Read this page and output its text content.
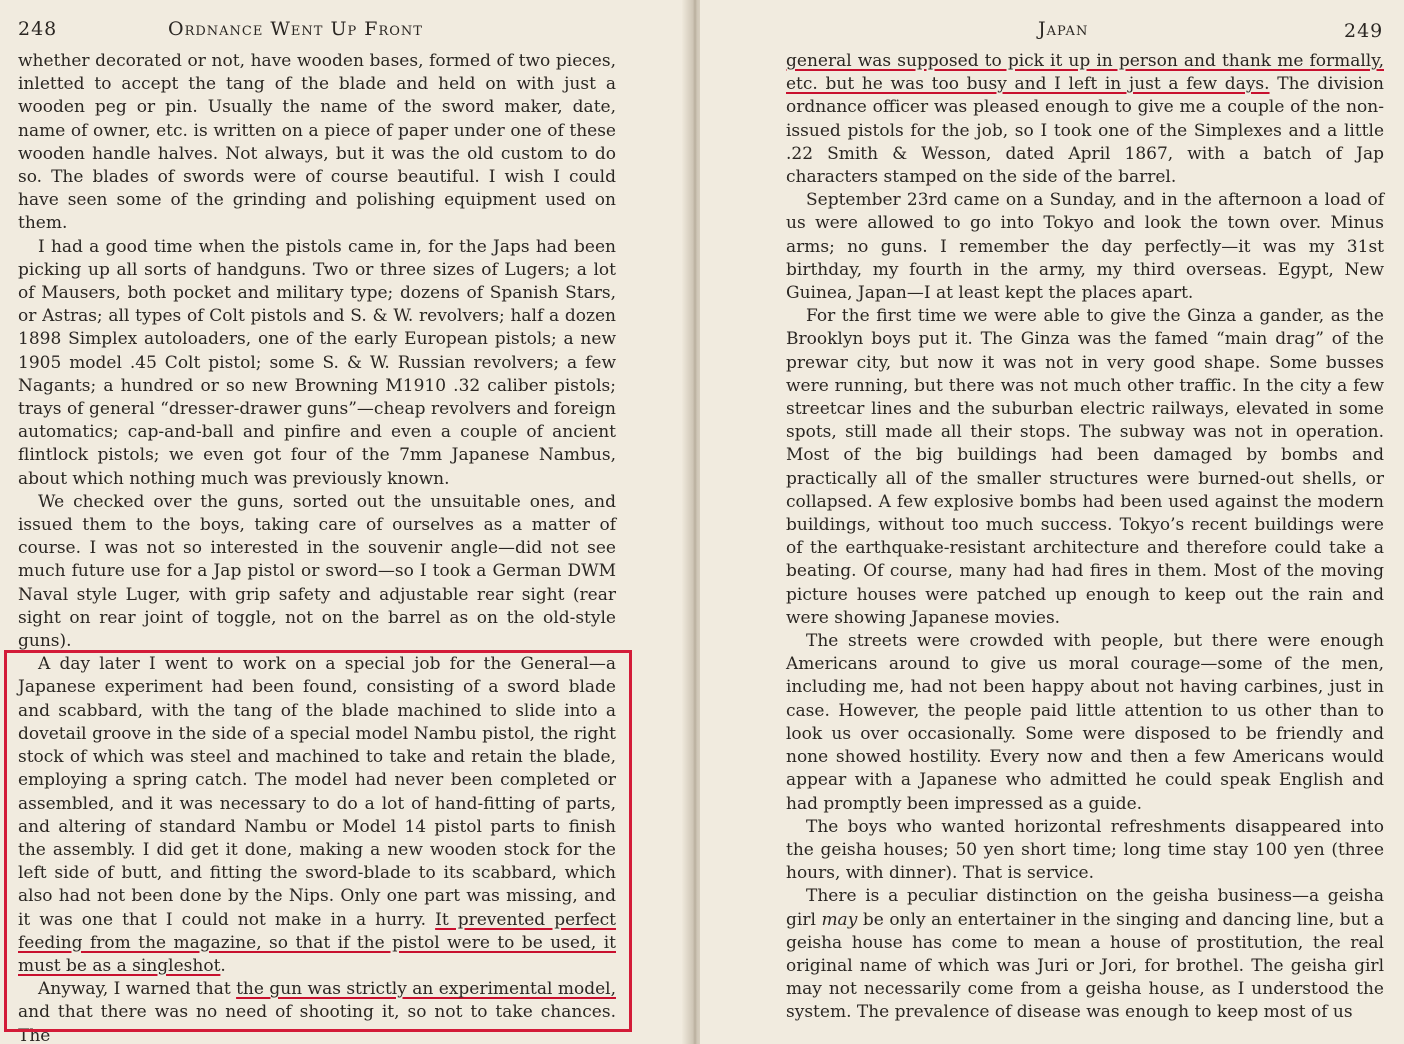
248	Ordnance Went Up Front

whether decorated or not, have wooden bases, formed of two pieces, inletted to accept the tang of the blade and held on with just a wooden peg or pin. Usually the name of the sword maker, date, name of owner, etc. is written on a piece of paper under one of these wooden handle halves. Not always, but it was the old custom to do so. The blades of swords were of course beautiful. I wish I could have seen some of the grinding and polishing equipment used on them.

I had a good time when the pistols came in, for the Japs had been picking up all sorts of handguns. Two or three sizes of Lugers; a lot of Mausers, both pocket and military type; dozens of Spanish Stars, or Astras; all types of Colt pistols and S. & W. revolvers; half a dozen 1898 Simplex autoloaders, one of the early European pistols; a new 1905 model .45 Colt pistol; some S. & W. Russian revolvers; a few Nagants; a hundred or so new Browning M1910 .32 caliber pistols; trays of general “dresser-drawer guns”—cheap revolvers and foreign automatics; cap-and-ball and pinfire and even a couple of ancient flintlock pistols; we even got four of the 7mm Japanese Nambus, about which nothing much was previously known.

We checked over the guns, sorted out the unsuitable ones, and issued them to the boys, taking care of ourselves as a matter of course. I was not so interested in the souvenir angle—did not see much future use for a Jap pistol or sword—so I took a German DWM Naval style Luger, with grip safety and adjustable rear sight (rear sight on rear joint of toggle, not on the barrel as on the old-style guns).

A day later I went to work on a special job for the General—a Japanese experiment had been found, consisting of a sword blade and scabbard, with the tang of the blade machined to slide into a dovetail groove in the side of a special model Nambu pistol, the right stock of which was steel and machined to take and retain the blade, employing a spring catch. The model had never been completed or assembled, and it was necessary to do a lot of hand-fitting of parts, and altering of standard Nambu or Model 14 pistol parts to finish the assembly. I did get it done, making a new wooden stock for the left side of butt, and fitting the sword-blade to its scabbard, which also had not been done by the Nips. Only one part was missing, and it was one that I could not make in a hurry. It prevented perfect feeding from the magazine, so that if the pistol were to be used, it must be as a singleshot.

Anyway, I warned that the gun was strictly an experimental model, and that there was no need of shooting it, so not to take chances. The

Japan	249

general was supposed to pick it up in person and thank me formally, etc. but he was too busy and I left in just a few days. The division ordnance officer was pleased enough to give me a couple of the non-issued pistols for the job, so I took one of the Simplexes and a little .22 Smith & Wesson, dated April 1867, with a batch of Jap characters stamped on the side of the barrel.

September 23rd came on a Sunday, and in the afternoon a load of us were allowed to go into Tokyo and look the town over. Minus arms; no guns. I remember the day perfectly—it was my 31st birthday, my fourth in the army, my third overseas. Egypt, New Guinea, Japan—I at least kept the places apart.

For the first time we were able to give the Ginza a gander, as the Brooklyn boys put it. The Ginza was the famed “main drag” of the prewar city, but now it was not in very good shape. Some busses were running, but there was not much other traffic. In the city a few streetcar lines and the suburban electric railways, elevated in some spots, still made all their stops. The subway was not in operation. Most of the big buildings had been damaged by bombs and practically all of the smaller structures were burned-out shells, or collapsed. A few explosive bombs had been used against the modern buildings, without too much success. Tokyo’s recent buildings were of the earthquake-resistant architecture and therefore could take a beating. Of course, many had had fires in them. Most of the moving picture houses were patched up enough to keep out the rain and were showing Japanese movies.

The streets were crowded with people, but there were enough Americans around to give us moral courage—some of the men, including me, had not been happy about not having carbines, just in case. However, the people paid little attention to us other than to look us over occasionally. Some were disposed to be friendly and none showed hostility. Every now and then a few Americans would appear with a Japanese who admitted he could speak English and had promptly been impressed as a guide.

The boys who wanted horizontal refreshments disappeared into the geisha houses; 50 yen short time; long time stay 100 yen (three hours, with dinner). That is service.

There is a peculiar distinction on the geisha business—a geisha girl may be only an entertainer in the singing and dancing line, but a geisha house has come to mean a house of prostitution, the real original name of which was Juri or Jori, for brothel. The geisha girl may not necessarily come from a geisha house, as I understood the system. The prevalence of disease was enough to keep most of us
